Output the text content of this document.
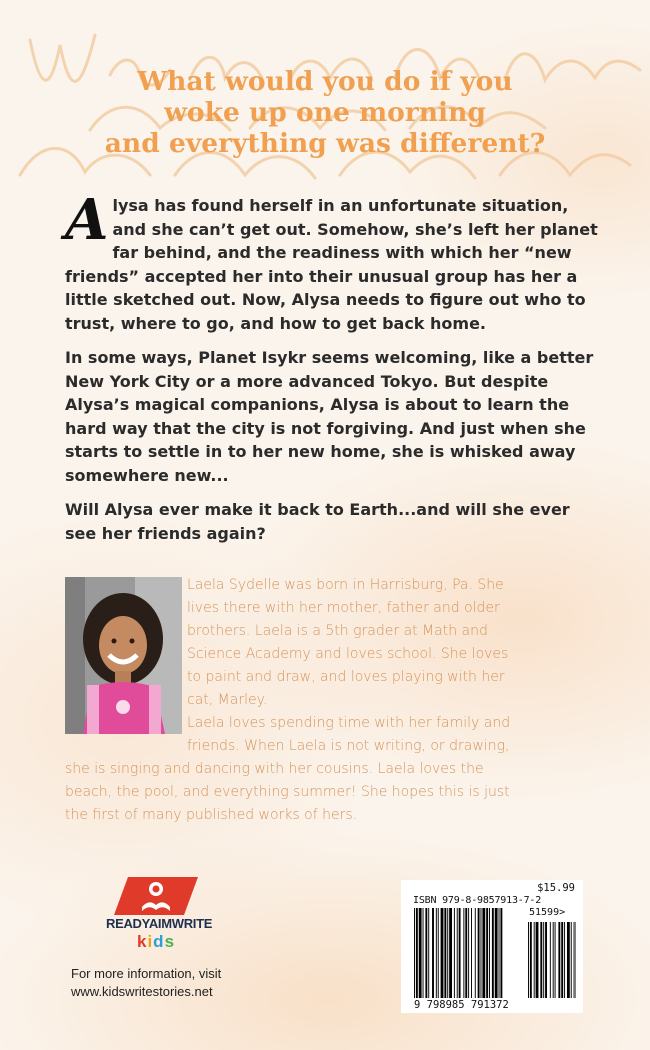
What would you do if you
woke up one morning
and everything was different?

Alysa has found herself in an unfortunate situation, and she can’t get out. Somehow, she’s left her planet far behind, and the readiness with which her “new friends” accepted her into their unusual group has her a little sketched out. Now, Alysa needs to figure out who to trust, where to go, and how to get back home.

In some ways, Planet Isykr seems welcoming, like a better New York City or a more advanced Tokyo. But despite Alysa’s magical companions, Alysa is about to learn the hard way that the city is not forgiving. And just when she starts to settle in to her new home, she is whisked away somewhere new...

Will Alysa ever make it back to Earth...and will she ever see her friends again?

Laela Sydelle was born in Harrisburg, Pa. She
lives there with her mother, father and older
brothers. Laela is a 5th grader at Math and
Science Academy and loves school. She loves
to paint and draw, and loves playing with her
cat, Marley.
Laela loves spending time with her family and
friends. When Laela is not writing, or drawing,
she is singing and dancing with her cousins. Laela loves the
beach, the pool, and everything summer! She hopes this is just
the first of many published works of hers.
READYAIMWRITE
kids
For more information, visit
www.kidswritestories.net
$15.99
ISBN 979-8-9857913-7-2
51599>
9 798985 791372
